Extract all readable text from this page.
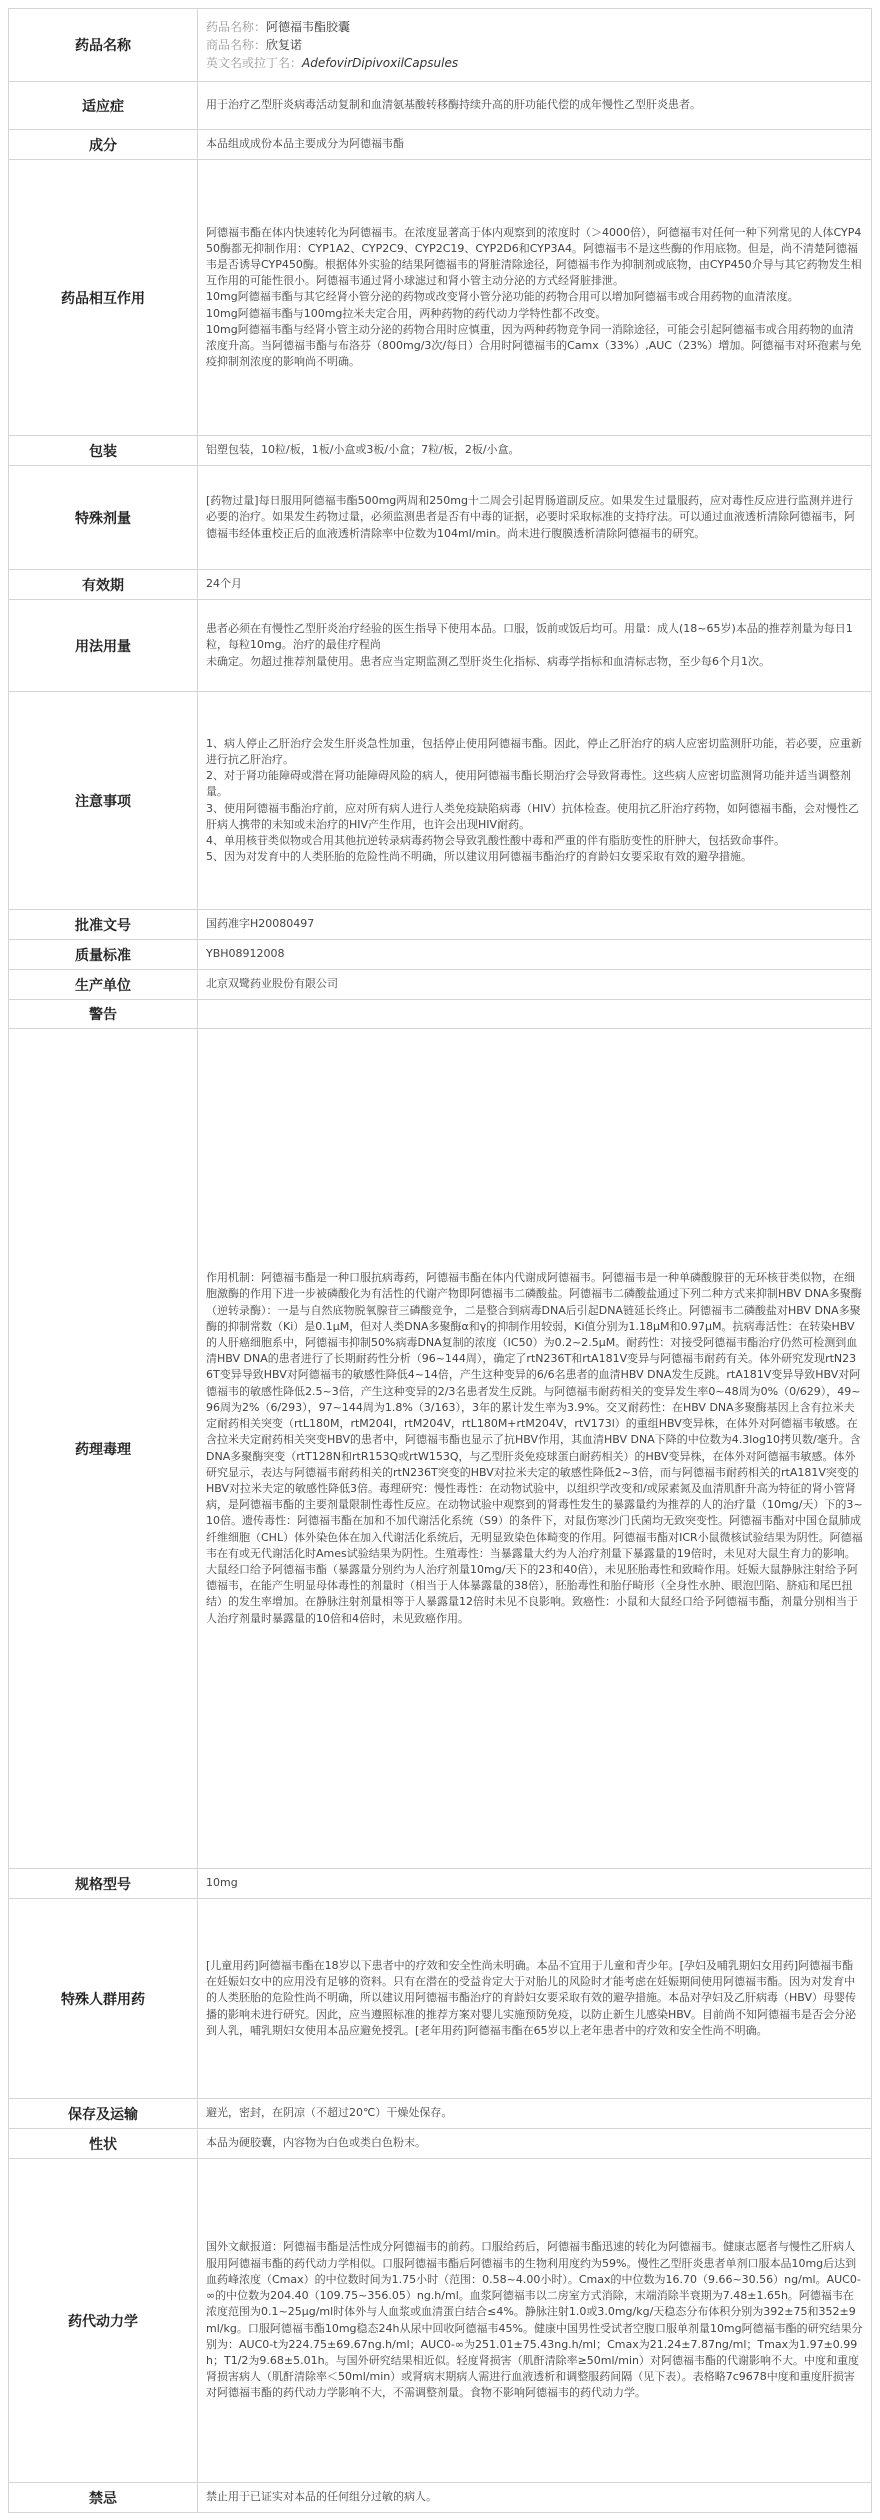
药品名称	药品名称：阿德福韦酯胶囊
商品名称：欣复诺
英文名或拉丁名：AdefovirDipivoxilCapsules

适应症	用于治疗乙型肝炎病毒活动复制和血清氨基酸转移酶持续升高的肝功能代偿的成年慢性乙型肝炎患者。
成分	本品组成成份本品主要成分为阿德福韦酯
药品相互作用	阿德福韦酯在体内快速转化为阿德福韦。在浓度显著高于体内观察到的浓度时（＞4000倍），阿德福韦对任何一种下列常见的人体CYP450酶都无抑制作用：CYP1A2、CYP2C9、CYP2C19、CYP2D6和CYP3A4。阿德福韦不是这些酶的作用底物。但是，尚不清楚阿德福韦是否诱导CYP450酶。根据体外实验的结果阿德福韦的肾脏清除途径，阿德福韦作为抑制剂或底物，由CYP450介导与其它药物发生相互作用的可能性很小。阿德福韦通过肾小球滤过和肾小管主动分泌的方式经肾脏排泄。

10mg阿德福韦酯与其它经肾小管分泌的药物或改变肾小管分泌功能的药物合用可以增加阿德福韦或合用药物的血清浓度。

10mg阿德福韦酯与100mg拉米夫定合用，两种药物的药代动力学特性都不改变。

10mg阿德福韦酯与经肾小管主动分泌的药物合用时应慎重，因为两种药物竞争同一消除途径，可能会引起阿德福韦或合用药物的血清浓度升高。当阿德福韦酯与布洛芬（800mg/3次/每日）合用时阿德福韦的Camx（33%）,AUC（23%）增加。阿德福韦对环孢素与免疫抑制剂浓度的影响尚不明确。

包装	铝塑包装，10粒/板，1板/小盒或3板/小盒；7粒/板，2板/小盒。
特殊剂量	[药物过量]每日服用阿德福韦酯500mg两周和250mg十二周会引起胃肠道副反应。如果发生过量服药，应对毒性反应进行监测并进行必要的治疗。如果发生药物过量，必须监测患者是否有中毒的证据，必要时采取标准的支持疗法。可以通过血液透析清除阿德福韦，阿德福韦经体重校正后的血液透析清除率中位数为104ml/min。尚未进行腹膜透析清除阿德福韦的研究。
有效期	24个月
用法用量	患者必须在有慢性乙型肝炎治疗经验的医生指导下使用本品。口服，饭前或饭后均可。用量：成人(18~65岁)本品的推荐剂量为每日1粒，每粒10mg。治疗的最佳疗程尚

未确定。勿超过推荐剂量使用。患者应当定期监测乙型肝炎生化指标、病毒学指标和血清标志物，至少每6个月1次。

注意事项	1、病人停止乙肝治疗会发生肝炎急性加重，包括停止使用阿德福韦酯。因此，停止乙肝治疗的病人应密切监测肝功能，若必要，应重新进行抗乙肝治疗。

2、对于肾功能障碍或潜在肾功能障碍风险的病人，使用阿德福韦酯长期治疗会导致肾毒性。这些病人应密切监测肾功能并适当调整剂量。

3、使用阿德福韦酯治疗前，应对所有病人进行人类免疫缺陷病毒（HIV）抗体检查。使用抗乙肝治疗药物，如阿德福韦酯，会对慢性乙肝病人携带的未知或未治疗的HIV产生作用，也许会出现HIV耐药。

4、单用核苷类似物或合用其他抗逆转录病毒药物会导致乳酸性酸中毒和严重的伴有脂肪变性的肝肿大，包括致命事件。

5、因为对发育中的人类胚胎的危险性尚不明确，所以建议用阿德福韦酯治疗的育龄妇女要采取有效的避孕措施。

批准文号	国药准字H20080497
质量标准	YBH08912008
生产单位	北京双鹭药业股份有限公司
警告	
药理毒理	作用机制：阿德福韦酯是一种口服抗病毒药，阿德福韦酯在体内代谢成阿德福韦。阿德福韦是一种单磷酸腺苷的无环核苷类似物，在细胞激酶的作用下进一步被磷酸化为有活性的代谢产物即阿德福韦二磷酸盐。阿德福韦二磷酸盐通过下列二种方式来抑制HBV DNA多聚酶（逆转录酶）：一是与自然底物脱氧腺苷三磷酸竞争，二是整合到病毒DNA后引起DNA链延长终止。阿德福韦二磷酸盐对HBV DNA多聚酶的抑制常数（Ki）是0.1μM，但对人类DNA多聚酶α和γ的抑制作用较弱，Ki值分别为1.18μM和0.97μM。抗病毒活性：在转染HBV的人肝癌细胞系中，阿德福韦抑制50%病毒DNA复制的浓度（IC50）为0.2~2.5μM。耐药性：对接受阿德福韦酯治疗仍然可检测到血清HBV DNA的患者进行了长期耐药性分析（96~144周），确定了rtN236T和rtA181V变异与阿德福韦耐药有关。体外研究发现rtN236T变异导致HBV对阿德福韦的敏感性降低4~14倍，产生这种变异的6/6名患者的血清HBV DNA发生反跳。rtA181V变异导致HBV对阿德福韦的敏感性降低2.5~3倍，产生这种变异的2/3名患者发生反跳。与阿德福韦耐药相关的变异发生率0~48周为0%（0/629），49~96周为2%（6/293），97~144周为1.8%（3/163），3年的累计发生率为3.9%。交叉耐药性：在HBV DNA多聚酶基因上含有拉米夫定耐药相关突变（rtL180M，rtM204I，rtM204V，rtL180M+rtM204V，rtV173l）的重组HBV变异株，在体外对阿德福韦敏感。在含拉米夫定耐药相关突变HBV的患者中，阿德福韦酯也显示了抗HBV作用，其血清HBV DNA下降的中位数为4.3log10拷贝数/毫升。含DNA多聚酶突变（rtT128N和rtR153Q或rtW153Q，与乙型肝炎免疫球蛋白耐药相关）的HBV变异株，在体外对阿德福韦敏感。体外研究显示，表达与阿德福韦耐药相关的rtN236T突变的HBV对拉米夫定的敏感性降低2~3倍，而与阿德福韦耐药相关的rtA181V突变的HBV对拉米夫定的敏感性降低3倍。毒理研究：慢性毒性：在动物试验中，以组织学改变和/或尿素氮及血清肌酐升高为特征的肾小管肾病，是阿德福韦酯的主要剂量限制性毒性反应。在动物试验中观察到的肾毒性发生的暴露量约为推荐的人的治疗量（10mg/天）下的3~10倍。遗传毒性：阿德福韦酯在加和不加代谢活化系统（S9）的条件下，对鼠伤寒沙门氏菌均无致突变性。阿德福韦酯对中国仓鼠肺成纤维细胞（CHL）体外染色体在加入代谢活化系统后，无明显致染色体畸变的作用。阿德福韦酯对ICR小鼠微核试验结果为阴性。阿德福韦在有或无代谢活化时Ames试验结果为阴性。生殖毒性：当暴露量大约为人治疗剂量下暴露量的19倍时，未见对大鼠生育力的影响。大鼠经口给予阿德福韦酯（暴露量分别约为人治疗剂量10mg/天下的23和40倍），未见胚胎毒性和致畸作用。妊娠大鼠静脉注射给予阿德福韦，在能产生明显母体毒性的剂量时（相当于人体暴露量的38倍），胚胎毒性和胎仔畸形（全身性水肿、眼泡凹陷、脐疝和尾巴扭结）的发生率增加。在静脉注射剂量相等于人暴露量12倍时未见不良影响。致癌性：小鼠和大鼠经口给予阿德福韦酯，剂量分别相当于人治疗剂量时暴露量的10倍和4倍时，未见致癌作用。
规格型号	10mg
特殊人群用药	[儿童用药]阿德福韦酯在18岁以下患者中的疗效和安全性尚未明确。本品不宜用于儿童和青少年。[孕妇及哺乳期妇女用药]阿德福韦酯在妊娠妇女中的应用没有足够的资料。只有在潜在的受益肯定大于对胎儿的风险时才能考虑在妊娠期间使用阿德福韦酯。因为对发育中的人类胚胎的危险性尚不明确，所以建议用阿德福韦酯治疗的育龄妇女要采取有效的避孕措施。本品对孕妇及乙肝病毒（HBV）母婴传播的影响未进行研究。因此，应当遵照标准的推荐方案对婴儿实施预防免疫，以防止新生儿感染HBV。目前尚不知阿德福韦是否会分泌到人乳，哺乳期妇女使用本品应避免授乳。[老年用药]阿德福韦酯在65岁以上老年患者中的疗效和安全性尚不明确。
保存及运输	避光，密封，在阴凉（不超过20℃）干燥处保存。
性状	本品为硬胶囊，内容物为白色或类白色粉末。
药代动力学	国外文献报道：阿德福韦酯是活性成分阿德福韦的前药。口服给药后，阿德福韦酯迅速的转化为阿德福韦。健康志愿者与慢性乙肝病人服用阿德福韦酯的药代动力学相似。口服阿德福韦酯后阿德福韦的生物利用度约为59%。慢性乙型肝炎患者单剂口服本品10mg后达到血药峰浓度（Cmax）的中位数时间为1.75小时（范围：0.58~4.00小时）。Cmax的中位数为16.70（9.66~30.56）ng/ml。AUC0-∞的中位数为204.40（109.75~356.05）ng.h/ml。血浆阿德福韦以二房室方式消除，末端消除半衰期为7.48±1.65h。阿德福韦在浓度范围为0.1~25μg/ml时体外与人血浆或血清蛋白结合≤4%。静脉注射1.0或3.0mg/kg/天稳态分布体积分别为392±75和352±9ml/kg。口服阿德福韦酯10mg稳态24h从尿中回收阿德福韦45%。健康中国男性受试者空腹口服单剂量10mg阿德福韦酯的研究结果分别为：AUC0-t为224.75±69.67ng.h/ml；AUC0-∞为251.01±75.43ng.h/ml；Cmax为21.24±7.87ng/ml；Tmax为1.97±0.99h；T1/2为9.68±5.01h。与国外研究结果相近似。轻度肾损害（肌酐清除率≥50ml/min）对阿德福韦酯的代谢影响不大。中度和重度肾损害病人（肌酐清除率＜50ml/min）或肾病末期病人需进行血液透析和调整服药间隔（见下表）。表格略7c9678中度和重度肝损害对阿德福韦酯的药代动力学影响不大，不需调整剂量。食物不影响阿德福韦的药代动力学。
禁忌	禁止用于已证实对本品的任何组分过敏的病人。
